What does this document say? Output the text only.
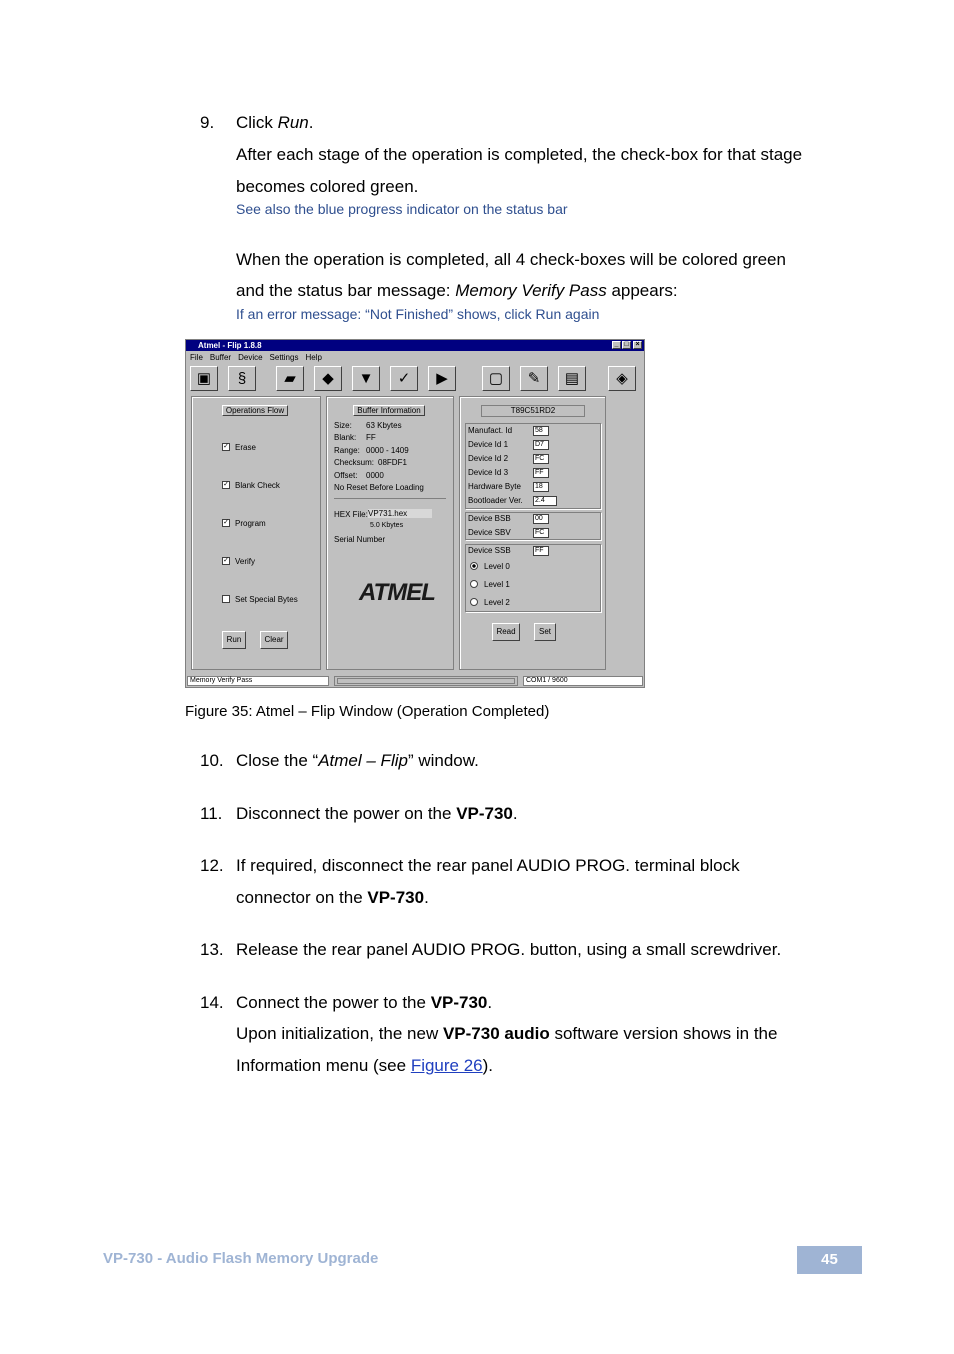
9. Click Run.
After each stage of the operation is completed, the check-box for that stage
becomes colored green.
See also the blue progress indicator on the status bar
When the operation is completed, all 4 check-boxes will be colored green
and the status bar message: Memory Verify Pass appears:
If an error message: “Not Finished” shows, click Run again
Atmel - Flip 1.8.8	_ □ ×
File Buffer Device Settings Help
▣	§	▰	◆	▼	✓	▶	▢	✎	▤	◈
Operations Flow
✓ Erase
✓ Blank Check
✓ Program
✓ Verify
Set Special Bytes
Run	Clear
Buffer Information
Size: 63 Kbytes
Blank: FF
Range: 0000 - 1409
Checksum: 08FDF1
Offset: 0000
No Reset Before Loading
HEX File: VP731.hex
5.0 Kbytes
Serial Number
ATMEL
T89C51RD2
Manufact. Id	58
Device Id 1	D7
Device Id 2	FC
Device Id 3	FF
Hardware Byte 18
Bootloader Ver. 2.4
Device BSB	00
Device SBV	FC
Device SSB	FF
Level 0
Level 1
Level 2
Read	Set
Memory Verify Pass	COM1 / 9600
Figure 35: Atmel – Flip Window (Operation Completed)
10. Close the “Atmel – Flip” window.
11. Disconnect the power on the VP-730.
12. If required, disconnect the rear panel AUDIO PROG. terminal block
connector on the VP-730.
13. Release the rear panel AUDIO PROG. button, using a small screwdriver.
14. Connect the power to the VP-730.
Upon initialization, the new VP-730 audio software version shows in the
Information menu (see Figure 26).
VP-730 - Audio Flash Memory Upgrade	45
